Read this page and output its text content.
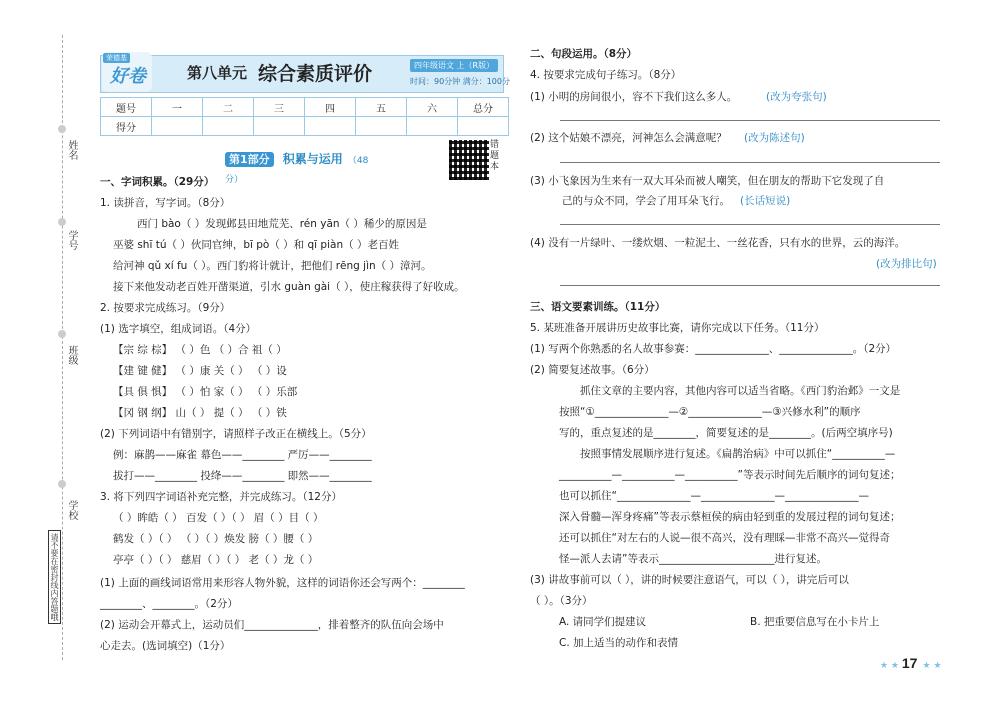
姓名
学号
班级
学校
请不要在密封线内答题哦
荣德基
好卷	第八单元 综合素质评价	四年级语文 上（R版）
时间：90分钟 满分：100分
题号	一	二	三	四	五	六	总分
得分							
第1部分 积累与运用 （48分）
错题本
一、字词积累。（29分）
1. 读拼音，写字词。（8分）
西门 bào（ ）发现邺县田地荒芜、rén yān（ ）稀少的原因是
巫婆 shī tú（ ）伙同官绅，bī pò（ ）和 qī piàn（ ）老百姓
给河神 qǔ xí fu（ ）。西门豹将计就计，把他们 rēng jìn（ ）漳河。
接下来他发动老百姓开凿渠道，引水 guàn gài（ ），使庄稼获得了好收成。
2. 按要求完成练习。（9分）
(1) 选字填空，组成词语。（4分）
【宗 综 棕】 （ ）色 （ ）合 祖（ ）
【建 键 健】 （ ）康 关（ ） （ ）设
【具 俱 惧】 （ ）怕 家（ ） （ ）乐部
【冈 钢 纲】 山（ ） 提（ ） （ ）铁
(2) 下列词语中有错别字，请照样子改正在横线上。（5分）
例：麻鹊——麻雀 幕色——________ 严厉——________
拔打——________ 投绛——________ 即然——________
3. 将下列四字词语补充完整，并完成练习。（12分）
（ ）眸皓（ ） 百发（ ）（ ） 眉（ ）目（ ）
鹤发（ ）（ ） （ ）（ ）焕发 膀（ ）腰（ ）
亭亭（ ）（ ） 慈眉（ ）（ ） 老（ ）龙（ ）
(1) 上面的画线词语常用来形容人物外貌，这样的词语你还会写两个：________
________、________。（2分）
(2) 运动会开幕式上，运动员们______________，排着整齐的队伍向会场中
心走去。(选词填空)（1分）
二、句段运用。（8分）
4. 按要求完成句子练习。（8分）
(1) 小明的房间很小，容不下我们这么多人。	(改为夸张句)
(2) 这个姑娘不漂亮，河神怎么会满意呢？ (改为陈述句)
(3) 小飞象因为生来有一双大耳朵而被人嘲笑，但在朋友的帮助下它发现了自
己的与众不同，学会了用耳朵飞行。 (长话短说)
(4) 没有一片绿叶、一缕炊烟、一粒泥土、一丝花香，只有水的世界，云的海洋。
(改为排比句)
三、语文要素训练。（11分）
5. 某班准备开展讲历史故事比赛，请你完成以下任务。（11分）
(1) 写两个你熟悉的名人故事参赛：______________、______________。（2分）
(2) 简要复述故事。（6分）
抓住文章的主要内容，其他内容可以适当省略。《西门豹治邺》一文是
按照“①______________—②______________—③兴修水利”的顺序
写的，重点复述的是________，简要复述的是________。(后两空填序号)
按照事情发展顺序进行复述。《扁鹊治病》中可以抓住“__________—
__________—__________—__________”等表示时间先后顺序的词句复述；
也可以抓住“______________—______________—______________—
深入骨髓—浑身疼痛”等表示蔡桓侯的病由轻到重的发展过程的词句复述；
还可以抓住“对左右的人说—很不高兴，没有理睬—非常不高兴—觉得奇
怪—派人去请”等表示______________________进行复述。
(3) 讲故事前可以（ ），讲的时候要注意语气，可以（ ），讲完后可以
（ ）。（3分）
A. 请同学们提建议	B. 把重要信息写在小卡片上
C. 加上适当的动作和表情
★ ★ 17 ★ ★
